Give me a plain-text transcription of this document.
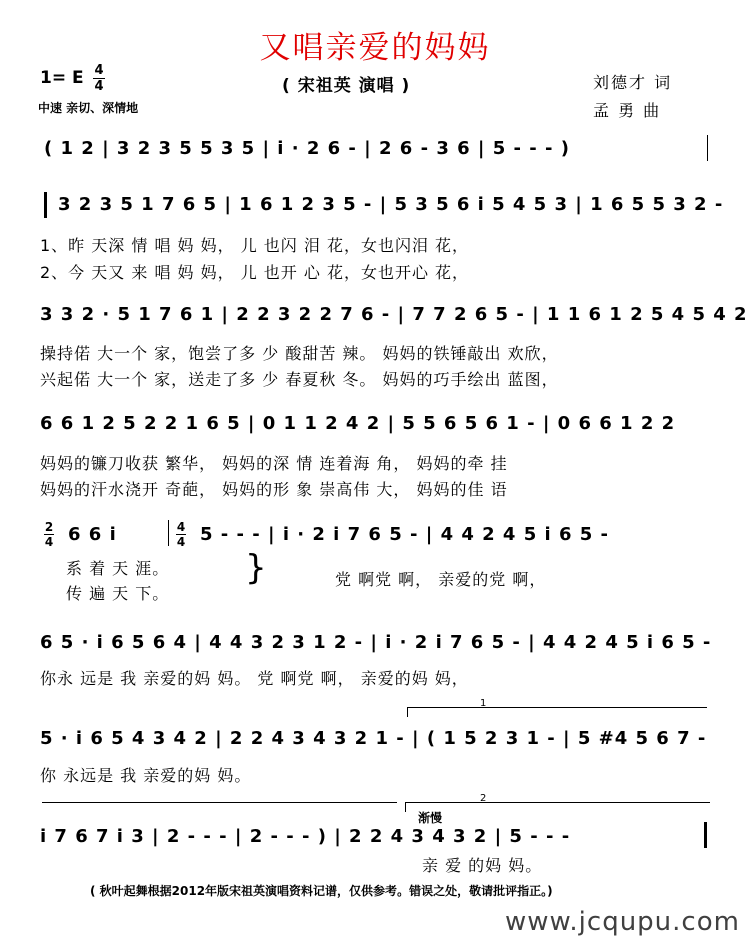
又唱亲爱的妈妈
1= E 4
4	( 宋祖英 演唱 )	刘德才 词
孟 勇 曲
中速 亲切、深情地
( 1 2 | 3 2 3 5 5 3 5 | i · 2 6 - | 2 6 - 3 6 | 5 - - - )
3 2 3 5 1 7 6 5 | 1 6 1 2 3 5 - | 5 3 5 6 i 5 4 5 3 | 1 6 5 5 3 2 -
1、昨 天深 情 唱 妈 妈， 儿 也闪 泪 花，女也闪泪 花，
2、今 天又 来 唱 妈 妈， 儿 也开 心 花，女也开心 花，
3 3 2 · 5 1 7 6 1 | 2 2 3 2 2 7 6 - | 7 7 2 6 5 - | 1 1 6 1 2 5 4 5 4 2
操持偌 大一个 家，饱尝了多 少 酸甜苦 辣。 妈妈的铁锤敲出 欢欣，
兴起偌 大一个 家，送走了多 少 春夏秋 冬。 妈妈的巧手绘出 蓝图，
6 6 1 2 5 2 2 1 6 5 | 0 1 1 2 4 2 | 5 5 6 5 6 1 - | 0 6 6 1 2 2
妈妈的镰刀收获 繁华， 妈妈的深 情 连着海 角， 妈妈的牵 挂
妈妈的汗水浇开 奇葩， 妈妈的形 象 崇高伟 大， 妈妈的佳 语
2
4 6 6 i	4
4 5 - - - | i · 2 i 7 6 5 - | 4 4 2 4 5 i 6 5 -
系 着 天 涯。
传 遍 天 下。
}	党 啊党 啊， 亲爱的党 啊，
6 5 · i 6 5 6 4 | 4 4 3 2 3 1 2 - | i · 2 i 7 6 5 - | 4 4 2 4 5 i 6 5 -
你永 远是 我 亲爱的妈 妈。 党 啊党 啊， 亲爱的妈 妈，
1
5 · i 6 5 4 3 4 2 | 2 2 4 3 4 3 2 1 - | ( 1 5 2 3 1 - | 5 #4 5 6 7 -
你 永远是 我 亲爱的妈 妈。
2
渐慢
i 7 6 7 i 3 | 2 - - - | 2 - - - ) | 2 2 4 3 4 3 2 | 5 - - -
亲 爱 的妈 妈。
( 秋叶起舞根据2012年版宋祖英演唱资料记谱，仅供参考。错误之处，敬请批评指正。)
www.jcqupu.com
